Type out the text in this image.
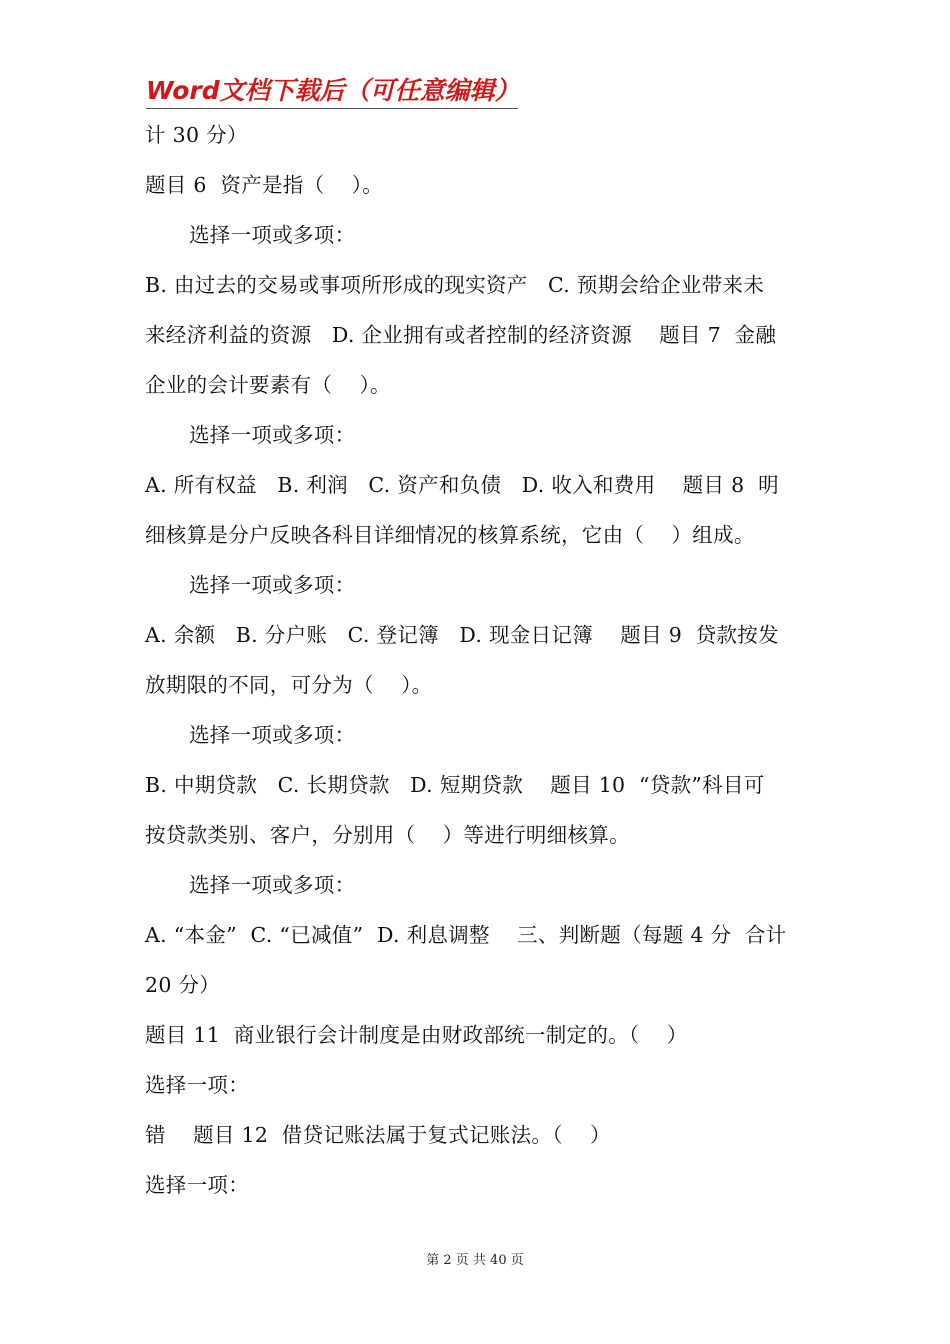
Word文档下载后（可任意编辑）
计 30 分）
题目 6  资产是指（    ）。
选择一项或多项：
B. 由过去的交易或事项所形成的现实资产   C. 预期会给企业带来未
来经济利益的资源   D. 企业拥有或者控制的经济资源    题目 7  金融
企业的会计要素有（    ）。
选择一项或多项：
A. 所有权益   B. 利润   C. 资产和负债   D. 收入和费用    题目 8  明
细核算是分户反映各科目详细情况的核算系统，它由（    ）组成。
选择一项或多项：
A. 余额   B. 分户账   C. 登记簿   D. 现金日记簿    题目 9  贷款按发
放期限的不同，可分为（    ）。
选择一项或多项：
B. 中期贷款   C. 长期贷款   D. 短期贷款    题目 10  “贷款”科目可
按贷款类别、客户，分别用（    ）等进行明细核算。
选择一项或多项：
A. “本金”  C. “已减值”  D. 利息调整    三、判断题（每题 4 分  合计
20 分）
题目 11  商业银行会计制度是由财政部统一制定的。（    ）
选择一项：
错    题目 12  借贷记账法属于复式记账法。（    ）
选择一项：
第 2 页 共 40 页
